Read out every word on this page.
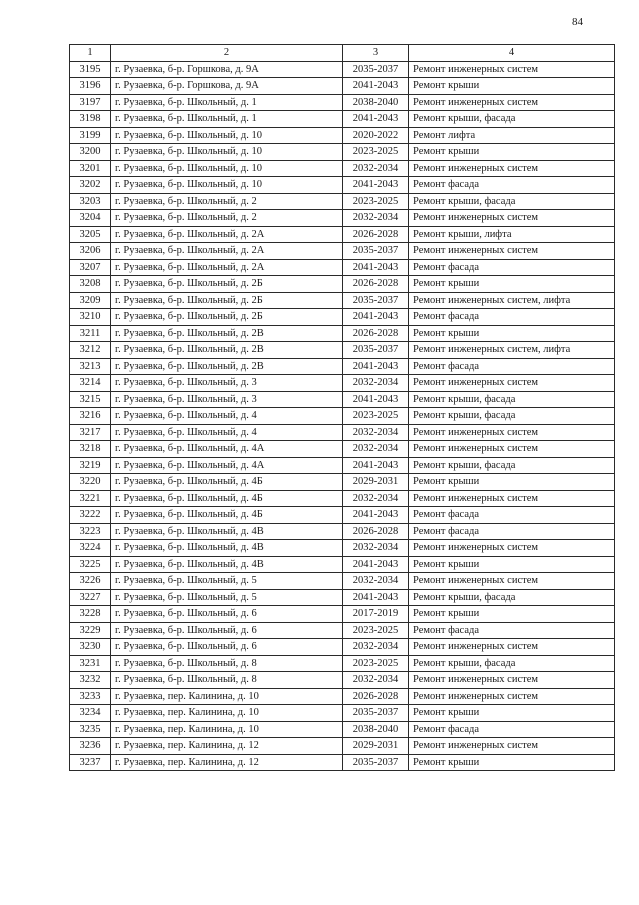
84
1	2	3	4
3195	г. Рузаевка, б-р. Горшкова, д. 9А	2035-2037	Ремонт инженерных систем
3196	г. Рузаевка, б-р. Горшкова, д. 9А	2041-2043	Ремонт крыши
3197	г. Рузаевка, б-р. Школьный, д. 1	2038-2040	Ремонт инженерных систем
3198	г. Рузаевка, б-р. Школьный, д. 1	2041-2043	Ремонт крыши, фасада
3199	г. Рузаевка, б-р. Школьный, д. 10	2020-2022	Ремонт лифта
3200	г. Рузаевка, б-р. Школьный, д. 10	2023-2025	Ремонт крыши
3201	г. Рузаевка, б-р. Школьный, д. 10	2032-2034	Ремонт инженерных систем
3202	г. Рузаевка, б-р. Школьный, д. 10	2041-2043	Ремонт фасада
3203	г. Рузаевка, б-р. Школьный, д. 2	2023-2025	Ремонт крыши, фасада
3204	г. Рузаевка, б-р. Школьный, д. 2	2032-2034	Ремонт инженерных систем
3205	г. Рузаевка, б-р. Школьный, д. 2А	2026-2028	Ремонт крыши, лифта
3206	г. Рузаевка, б-р. Школьный, д. 2А	2035-2037	Ремонт инженерных систем
3207	г. Рузаевка, б-р. Школьный, д. 2А	2041-2043	Ремонт фасада
3208	г. Рузаевка, б-р. Школьный, д. 2Б	2026-2028	Ремонт крыши
3209	г. Рузаевка, б-р. Школьный, д. 2Б	2035-2037	Ремонт инженерных систем, лифта
3210	г. Рузаевка, б-р. Школьный, д. 2Б	2041-2043	Ремонт фасада
3211	г. Рузаевка, б-р. Школьный, д. 2В	2026-2028	Ремонт крыши
3212	г. Рузаевка, б-р. Школьный, д. 2В	2035-2037	Ремонт инженерных систем, лифта
3213	г. Рузаевка, б-р. Школьный, д. 2В	2041-2043	Ремонт фасада
3214	г. Рузаевка, б-р. Школьный, д. 3	2032-2034	Ремонт инженерных систем
3215	г. Рузаевка, б-р. Школьный, д. 3	2041-2043	Ремонт крыши, фасада
3216	г. Рузаевка, б-р. Школьный, д. 4	2023-2025	Ремонт крыши, фасада
3217	г. Рузаевка, б-р. Школьный, д. 4	2032-2034	Ремонт инженерных систем
3218	г. Рузаевка, б-р. Школьный, д. 4А	2032-2034	Ремонт инженерных систем
3219	г. Рузаевка, б-р. Школьный, д. 4А	2041-2043	Ремонт крыши, фасада
3220	г. Рузаевка, б-р. Школьный, д. 4Б	2029-2031	Ремонт крыши
3221	г. Рузаевка, б-р. Школьный, д. 4Б	2032-2034	Ремонт инженерных систем
3222	г. Рузаевка, б-р. Школьный, д. 4Б	2041-2043	Ремонт фасада
3223	г. Рузаевка, б-р. Школьный, д. 4В	2026-2028	Ремонт фасада
3224	г. Рузаевка, б-р. Школьный, д. 4В	2032-2034	Ремонт инженерных систем
3225	г. Рузаевка, б-р. Школьный, д. 4В	2041-2043	Ремонт крыши
3226	г. Рузаевка, б-р. Школьный, д. 5	2032-2034	Ремонт инженерных систем
3227	г. Рузаевка, б-р. Школьный, д. 5	2041-2043	Ремонт крыши, фасада
3228	г. Рузаевка, б-р. Школьный, д. 6	2017-2019	Ремонт крыши
3229	г. Рузаевка, б-р. Школьный, д. 6	2023-2025	Ремонт фасада
3230	г. Рузаевка, б-р. Школьный, д. 6	2032-2034	Ремонт инженерных систем
3231	г. Рузаевка, б-р. Школьный, д. 8	2023-2025	Ремонт крыши, фасада
3232	г. Рузаевка, б-р. Школьный, д. 8	2032-2034	Ремонт инженерных систем
3233	г. Рузаевка, пер. Калинина, д. 10	2026-2028	Ремонт инженерных систем
3234	г. Рузаевка, пер. Калинина, д. 10	2035-2037	Ремонт крыши
3235	г. Рузаевка, пер. Калинина, д. 10	2038-2040	Ремонт фасада
3236	г. Рузаевка, пер. Калинина, д. 12	2029-2031	Ремонт инженерных систем
3237	г. Рузаевка, пер. Калинина, д. 12	2035-2037	Ремонт крыши
